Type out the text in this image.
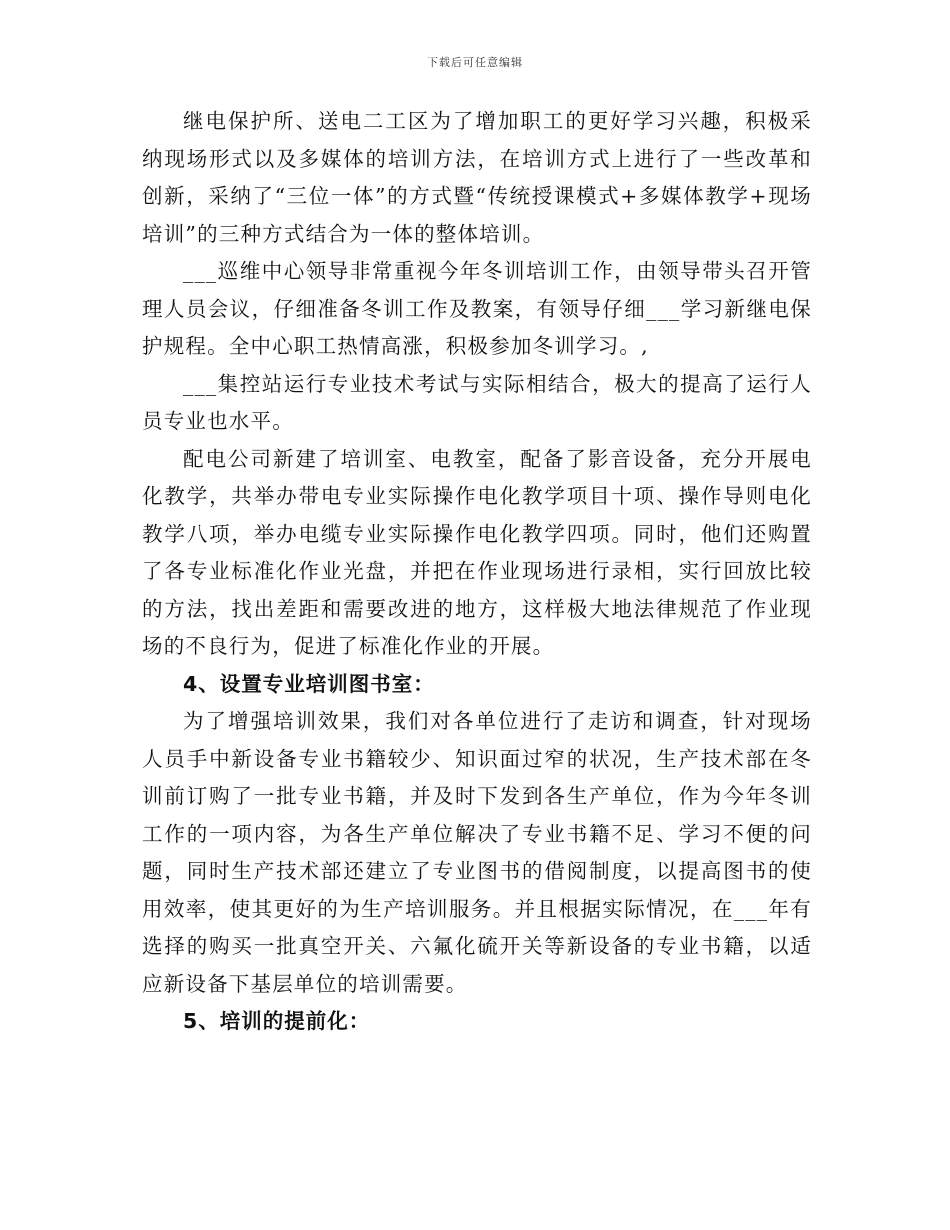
下载后可任意编辑

继电保护所、送电二工区为了增加职工的更好学习兴趣，积极采纳现场形式以及多媒体的培训方法，在培训方式上进行了一些改革和创新，采纳了“三位一体”的方式暨“传统授课模式+多媒体教学+现场培训”的三种方式结合为一体的整体培训。

___巡维中心领导非常重视今年冬训培训工作，由领导带头召开管理人员会议，仔细准备冬训工作及教案，有领导仔细___学习新继电保护规程。全中心职工热情高涨，积极参加冬训学习。,

___集控站运行专业技术考试与实际相结合，极大的提高了运行人员专业也水平。

配电公司新建了培训室、电教室，配备了影音设备，充分开展电化教学，共举办带电专业实际操作电化教学项目十项、操作导则电化教学八项，举办电缆专业实际操作电化教学四项。同时，他们还购置了各专业标准化作业光盘，并把在作业现场进行录相，实行回放比较的方法，找出差距和需要改进的地方，这样极大地法律规范了作业现场的不良行为，促进了标准化作业的开展。

4、设置专业培训图书室：

为了增强培训效果，我们对各单位进行了走访和调查，针对现场人员手中新设备专业书籍较少、知识面过窄的状况，生产技术部在冬训前订购了一批专业书籍，并及时下发到各生产单位，作为今年冬训工作的一项内容，为各生产单位解决了专业书籍不足、学习不便的问题，同时生产技术部还建立了专业图书的借阅制度，以提高图书的使用效率，使其更好的为生产培训服务。并且根据实际情况，在___年有选择的购买一批真空开关、六氟化硫开关等新设备的专业书籍，以适应新设备下基层单位的培训需要。

5、培训的提前化：
